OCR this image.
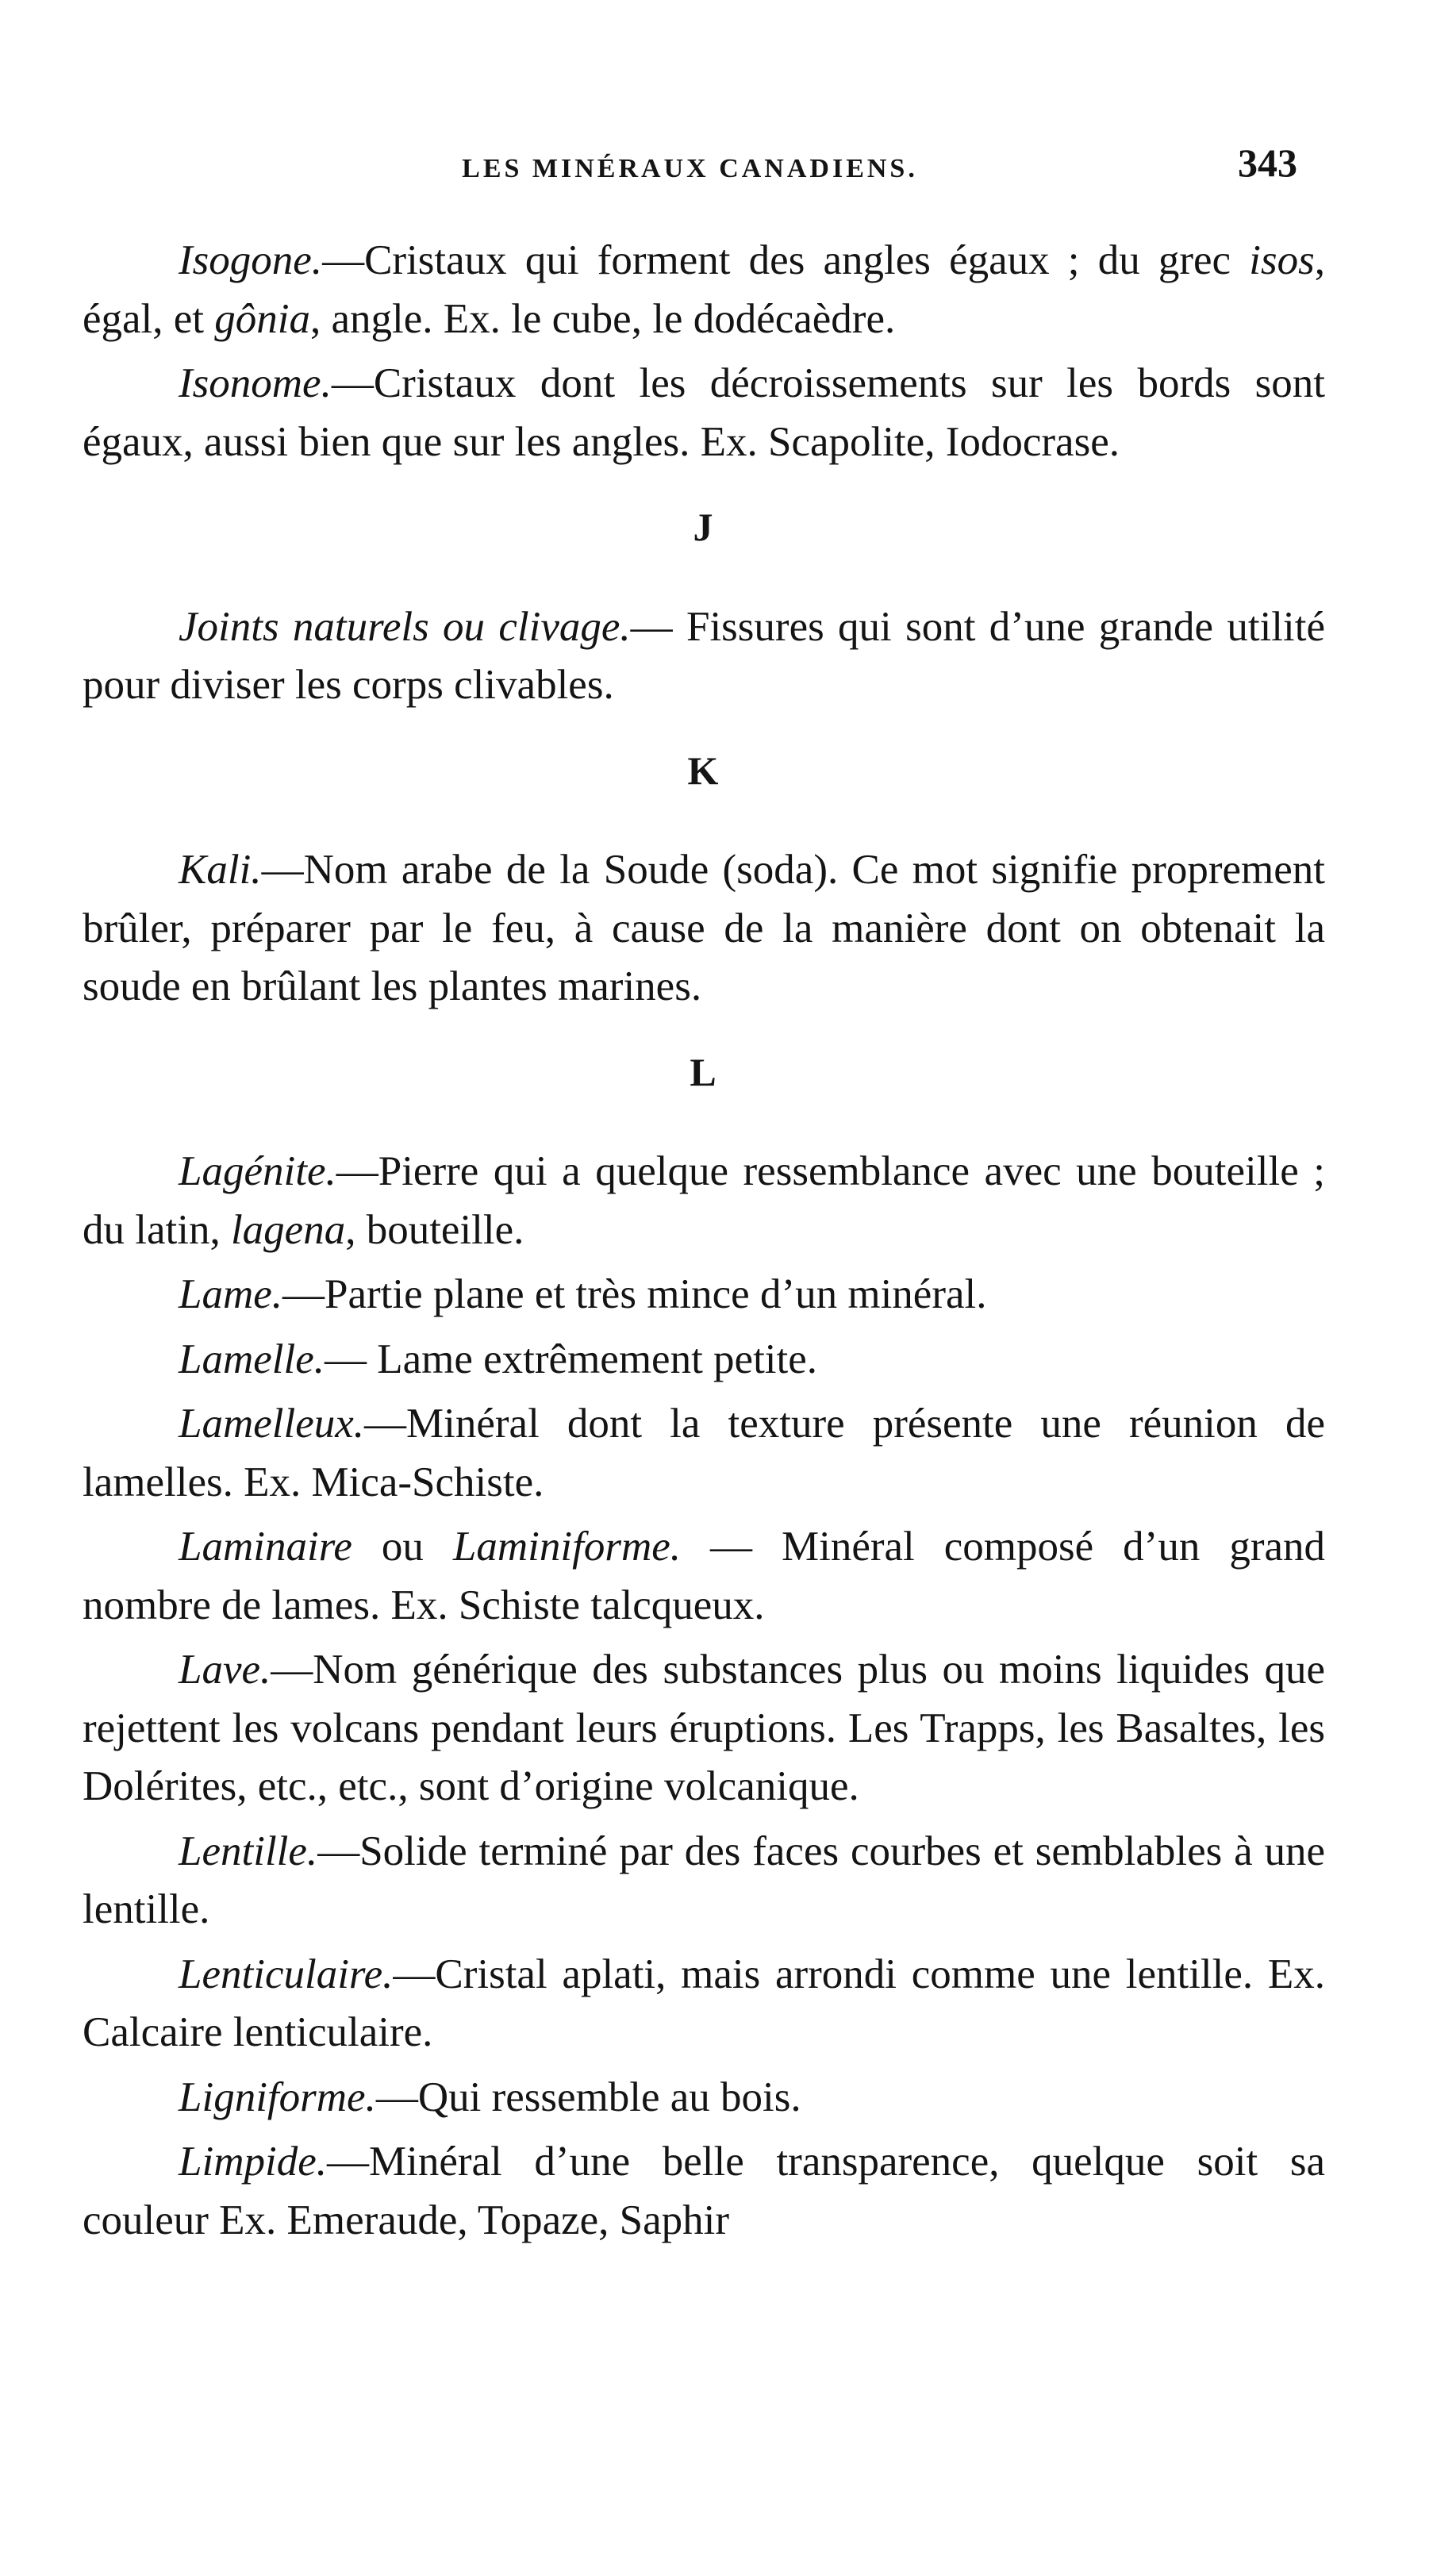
LES MINÉRAUX CANADIENS.	343

Isogone.—Cristaux qui forment des angles égaux ; du grec isos, égal, et gônia, angle. Ex. le cube, le dodécaèdre.

Isonome.—Cristaux dont les décroissements sur les bords sont égaux, aussi bien que sur les angles. Ex. Scapolite, Iodocrase.

J

Joints naturels ou clivage.— Fissures qui sont d’une grande utilité pour diviser les corps clivables.

K

Kali.—Nom arabe de la Soude (soda). Ce mot signifie proprement brûler, préparer par le feu, à cause de la manière dont on obtenait la soude en brûlant les plantes marines.

L

Lagénite.—Pierre qui a quelque ressemblance avec une bouteille ; du latin, lagena, bouteille.

Lame.—Partie plane et très mince d’un minéral.

Lamelle.— Lame extrêmement petite.

Lamelleux.—Minéral dont la texture présente une réunion de lamelles. Ex. Mica-Schiste.

Laminaire ou Laminiforme. — Minéral composé d’un grand nombre de lames. Ex. Schiste talcqueux.

Lave.—Nom générique des substances plus ou moins liquides que rejettent les volcans pendant leurs éruptions. Les Trapps, les Basaltes, les Dolérites, etc., etc., sont d’origine volcanique.

Lentille.—Solide terminé par des faces courbes et semblables à une lentille.

Lenticulaire.—Cristal aplati, mais arrondi comme une lentille. Ex. Calcaire lenticulaire.

Ligniforme.—Qui ressemble au bois.

Limpide.—Minéral d’une belle transparence, quelque soit sa couleur Ex. Emeraude, Topaze, Saphir
